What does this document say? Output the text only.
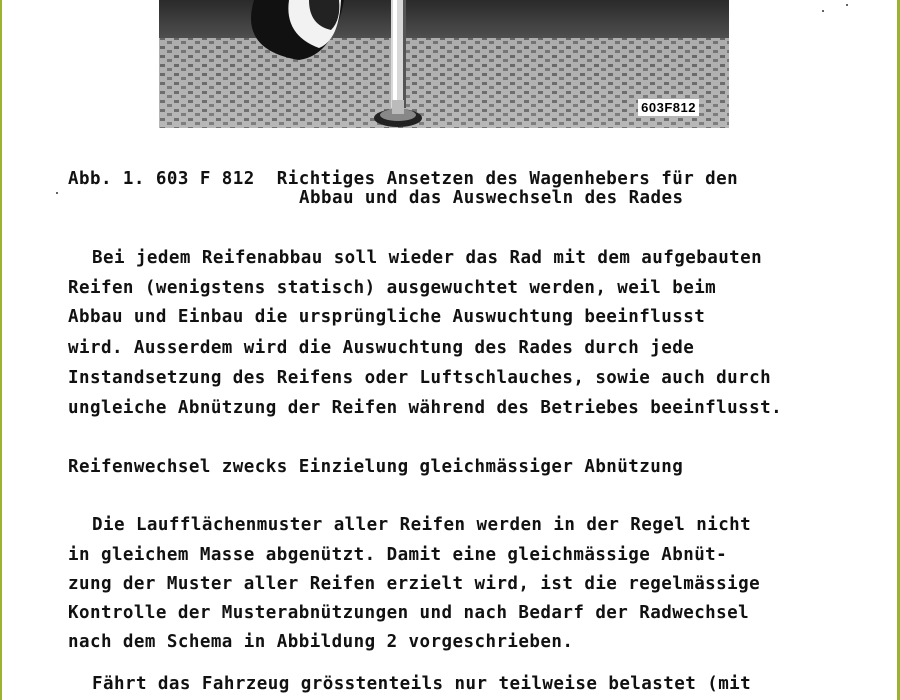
603F812
Abb. 1. 603 F 812  Richtiges Ansetzen des Wagenhebers für den
Abbau und das Auswechseln des Rades
Bei jedem Reifenabbau soll wieder das Rad mit dem aufgebauten
Reifen (wenigstens statisch) ausgewuchtet werden, weil beim
Abbau und Einbau die ursprüngliche Auswuchtung beeinflusst
wird. Ausserdem wird die Auswuchtung des Rades durch jede
Instandsetzung des Reifens oder Luftschlauches, sowie auch durch
ungleiche Abnützung der Reifen während des Betriebes beeinflusst.
Reifenwechsel zwecks Einzielung gleichmässiger Abnützung
Die Laufflächenmuster aller Reifen werden in der Regel nicht
in gleichem Masse abgenützt. Damit eine gleichmässige Abnüt-
zung der Muster aller Reifen erzielt wird, ist die regelmässige
Kontrolle der Musterabnützungen und nach Bedarf der Radwechsel
nach dem Schema in Abbildung 2 vorgeschrieben.
Fährt das Fahrzeug grösstenteils nur teilweise belastet (mit
